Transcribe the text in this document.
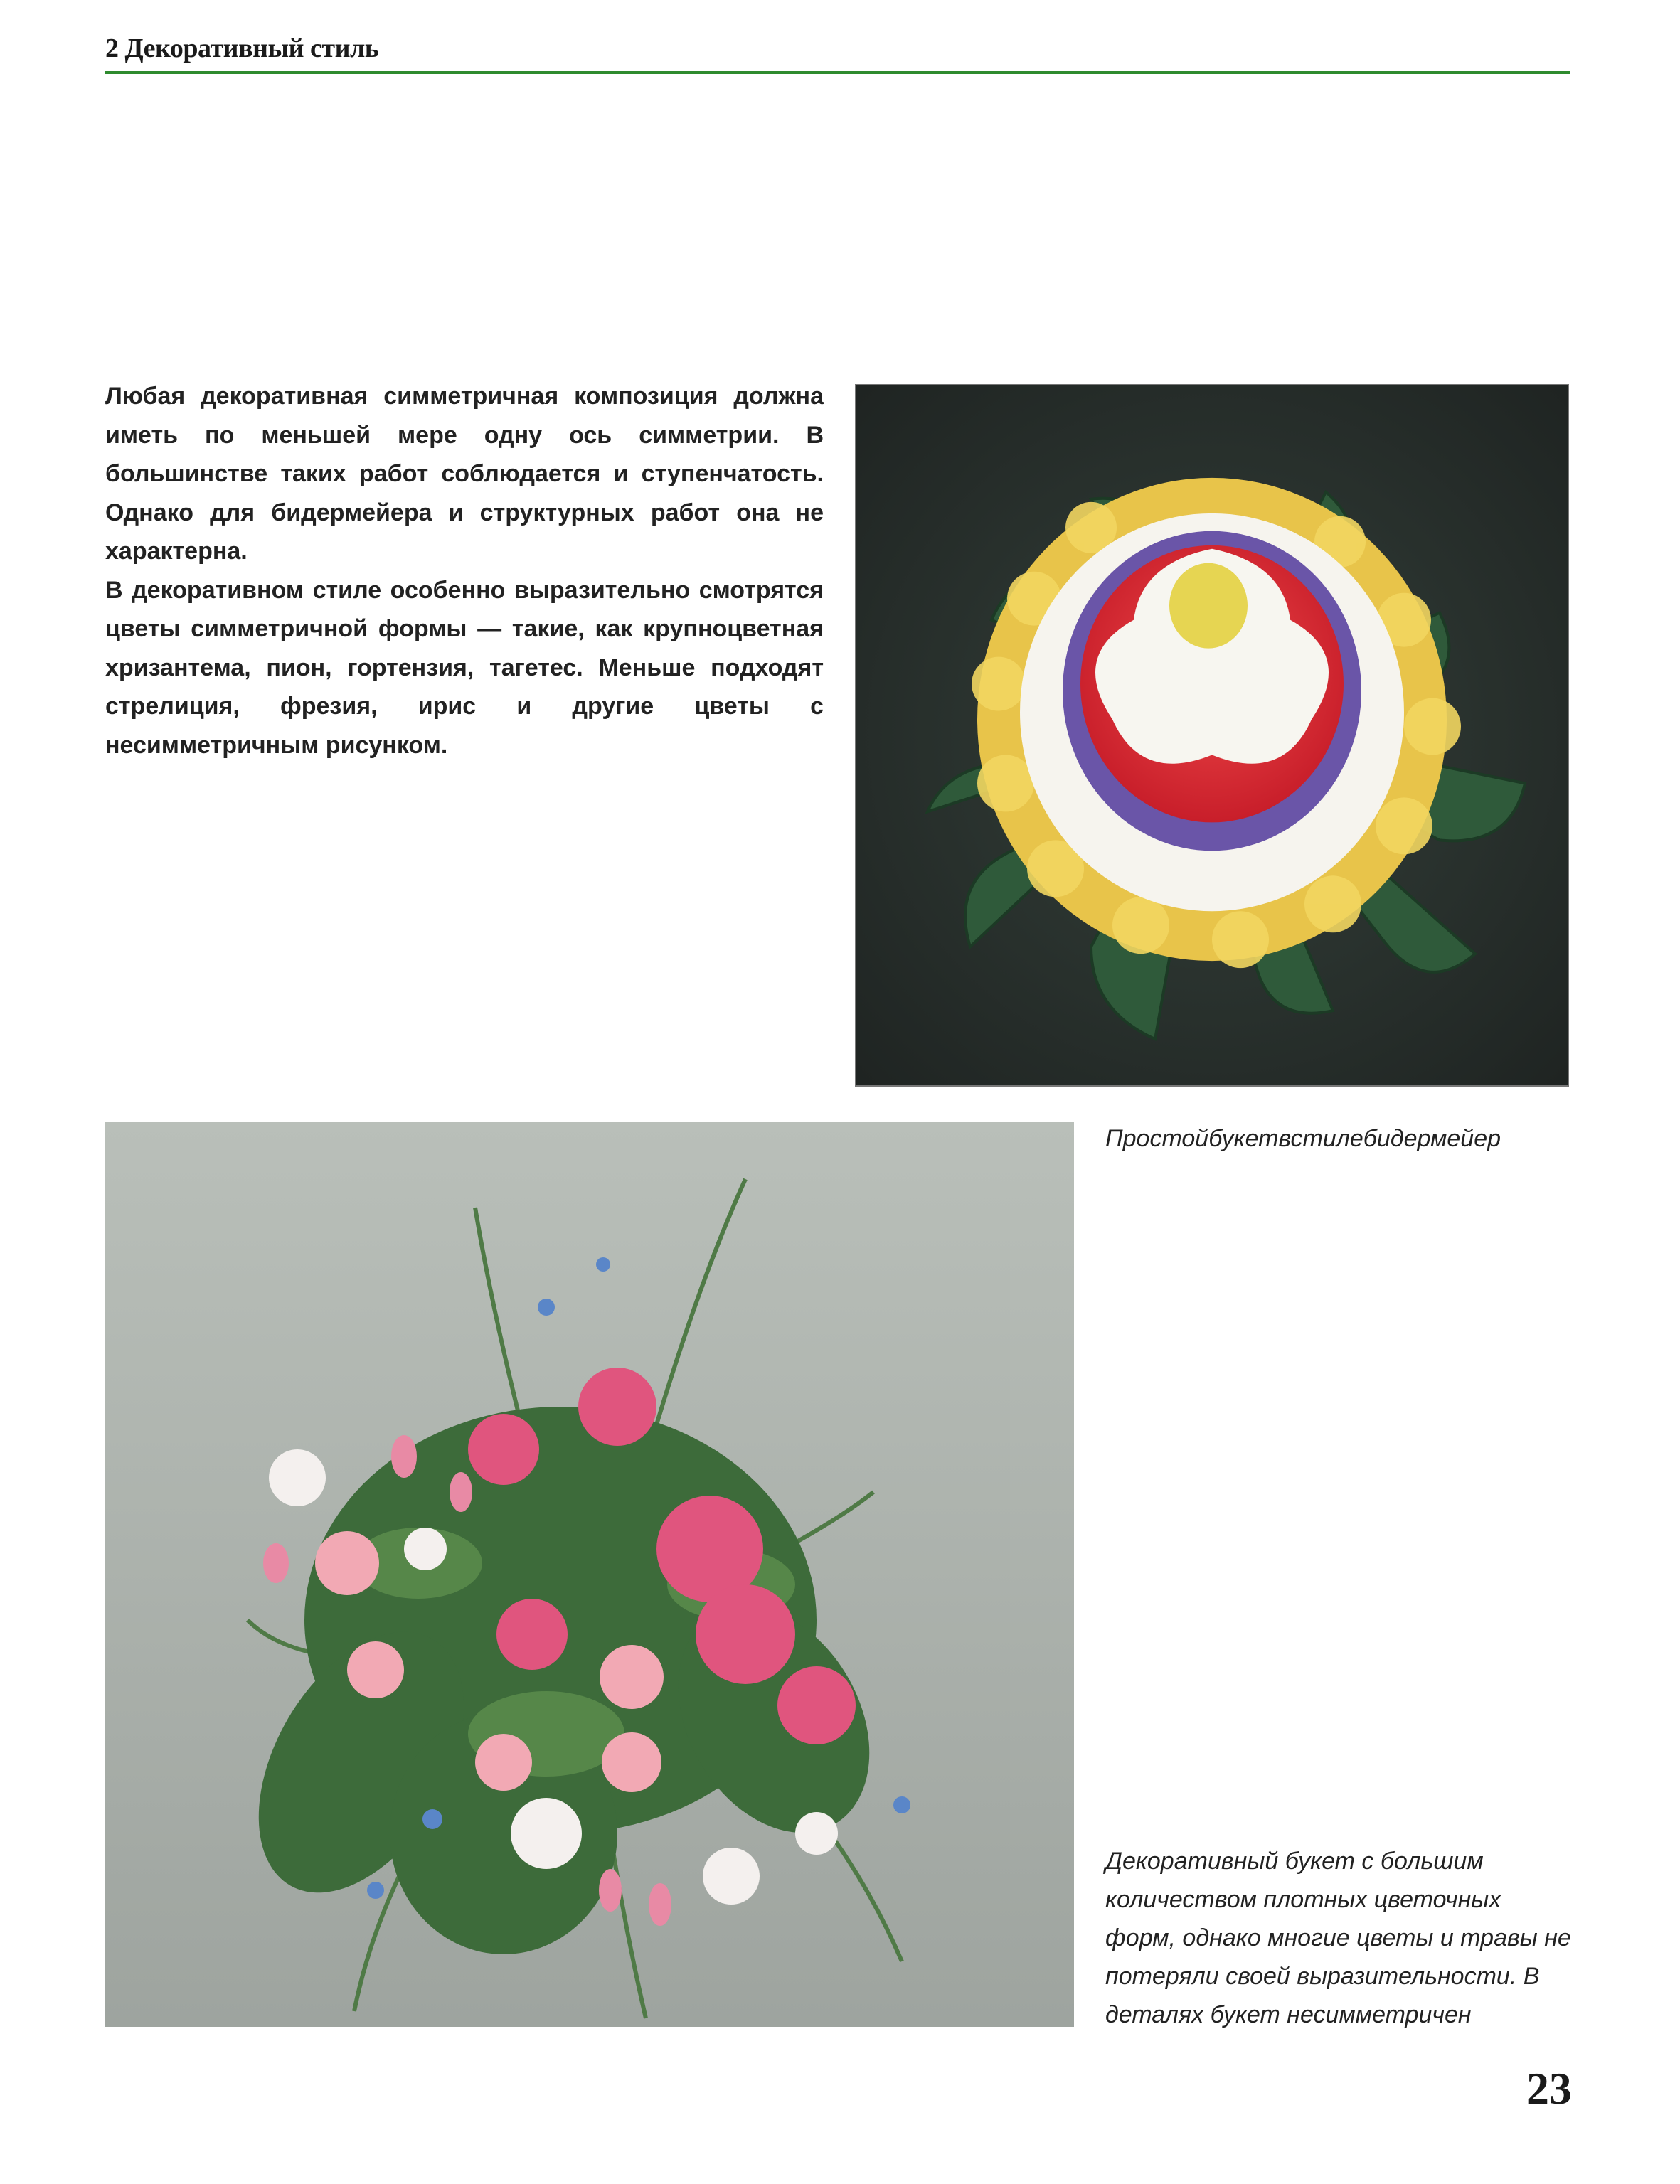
2 Декоративный стиль

Любая декоративная симметричная композиция должна иметь по меньшей мере одну ось симметрии. В большинстве таких работ соблюдается и ступенчатость. Однако для бидермейера и структурных работ она не характерна.

В декоративном стиле особенно выразительно смотрятся цветы симметричной формы — такие, как крупноцветная хризантема, пион, гортензия, тагетес. Меньше подходят стрелиция, фрезия, ирис и другие цветы с несимметричным рисунком.

Простойбукетвстилебидермейер
Декоративный букет с большим количеством плотных цветочных форм, однако многие цветы и травы не потеряли своей выразительности. В деталях букет несимметричен
23
